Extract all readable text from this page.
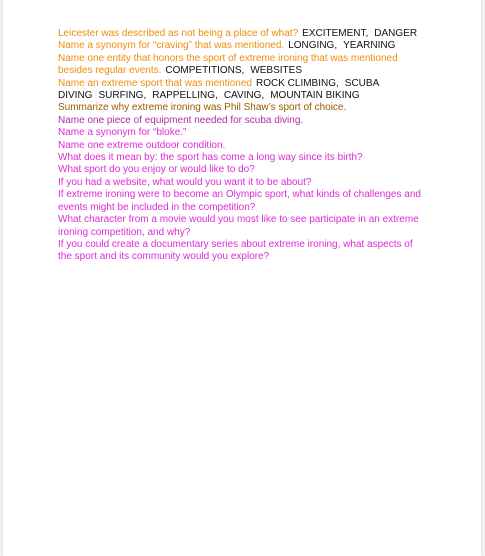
Leicester was described as not being a place of what? EXCITEMENT, DANGER
Name a synonym for “craving” that was mentioned. LONGING, YEARNING
Name one entity that honors the sport of extreme ironing that was mentioned besides regular events. COMPETITIONS, WEBSITES
Name an extreme sport that was mentioned ROCK CLIMBING, SCUBA DIVING SURFING, RAPPELLING, CAVING, MOUNTAIN BIKING
Summarize why extreme ironing was Phil Shaw’s sport of choice.
Name one piece of equipment needed for scuba diving.
Name a synonym for “bloke.”
Name one extreme outdoor condition.
What does it mean by: the sport has come a long way since its birth?
What sport do you enjoy or would like to do?
If you had a website, what would you want it to be about?
If extreme ironing were to become an Olympic sport, what kinds of challenges and events might be included in the competition?
What character from a movie would you most like to see participate in an extreme ironing competition, and why?
If you could create a documentary series about extreme ironing, what aspects of the sport and its community would you explore?
